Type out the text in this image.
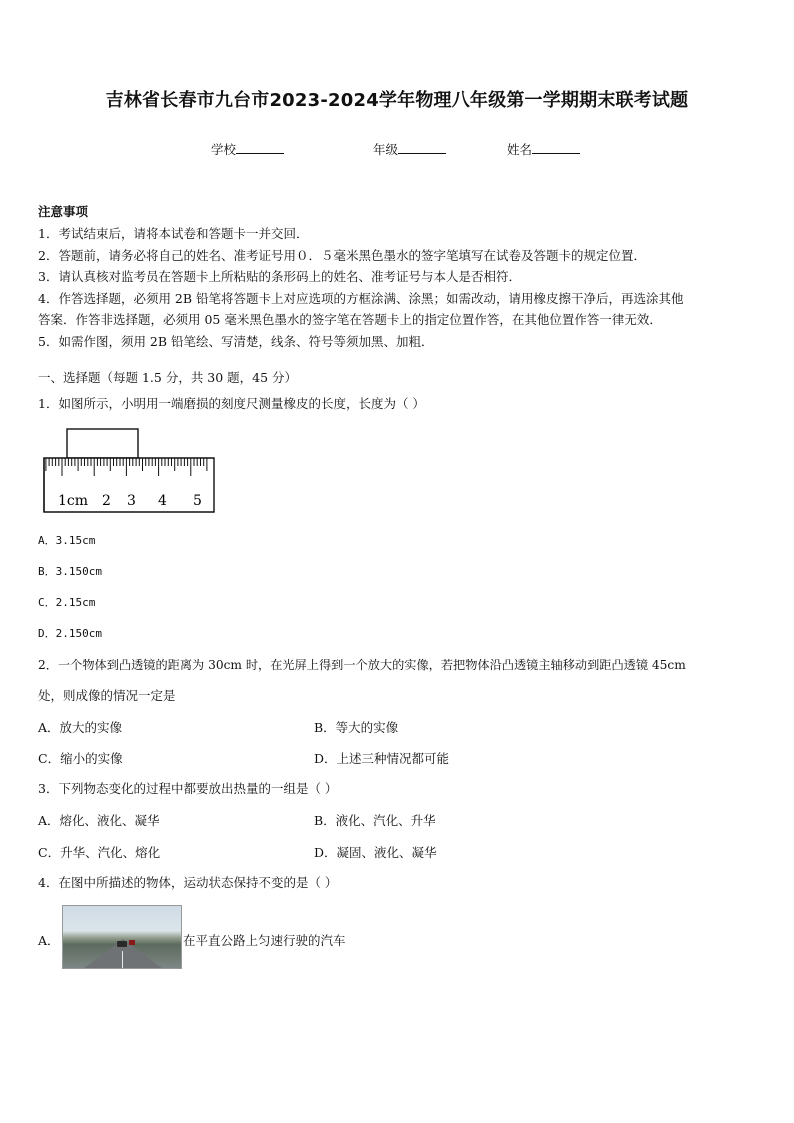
吉林省长春市九台市2023-2024学年物理八年级第一学期期末联考试题
学校	年级	姓名
注意事项
1．考试结束后，请将本试卷和答题卡一并交回．
2．答题前，请务必将自己的姓名、准考证号用０．５毫米黑色墨水的签字笔填写在试卷及答题卡的规定位置．
3．请认真核对监考员在答题卡上所粘贴的条形码上的姓名、准考证号与本人是否相符．
4．作答选择题，必须用 2B 铅笔将答题卡上对应选项的方框涂满、涂黑；如需改动，请用橡皮擦干净后，再选涂其他
答案．作答非选择题，必须用 05 毫米黑色墨水的签字笔在答题卡上的指定位置作答，在其他位置作答一律无效．
5．如需作图，须用 2B 铅笔绘、写清楚，线条、符号等须加黑、加粗．
一、选择题（每题 1.5 分，共 30 题，45 分）
1．如图所示，小明用一端磨损的刻度尺测量橡皮的长度，长度为（ ）
1cm 2 3 4 5
A．3.15cm
B．3.150cm
C．2.15cm
D．2.150cm
2．一个物体到凸透镜的距离为 30cm 时，在光屏上得到一个放大的实像，若把物体沿凸透镜主轴移动到距凸透镜 45cm
处，则成像的情况一定是
A．放大的实像	B．等大的实像
C．缩小的实像	D．上述三种情况都可能
3．下列物态变化的过程中都要放出热量的一组是（ ）
A．熔化、液化、凝华	B．液化、汽化、升华
C．升华、汽化、熔化	D．凝固、液化、凝华
4．在图中所描述的物体，运动状态保持不变的是（ ）
A．	在平直公路上匀速行驶的汽车
